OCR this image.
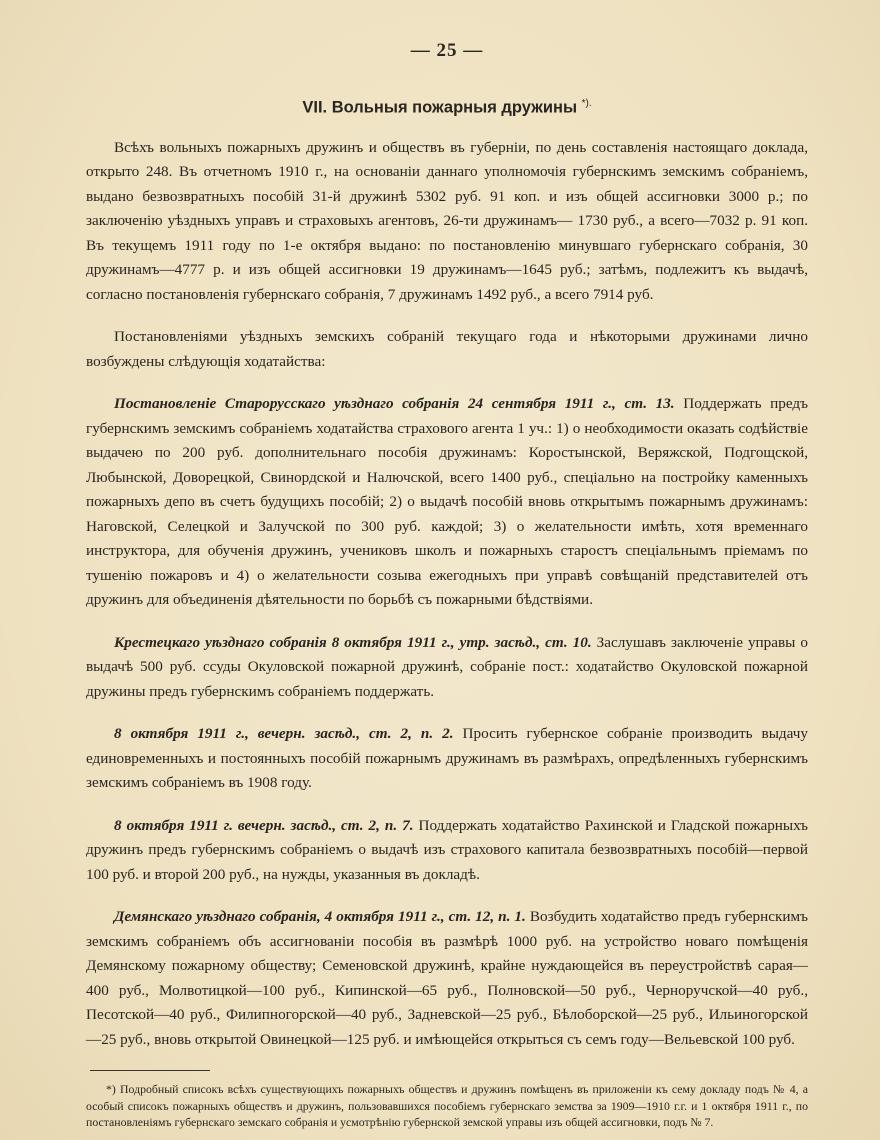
— 25 —
VII. Вольныя пожарныя дружины *).

Всѣхъ вольныхъ пожарныхъ дружинъ и обществъ въ губерніи, по день составленія настоящаго доклада, открыто 248. Въ отчетномъ 1910 г., на основаніи даннаго уполномочія губернскимъ земскимъ собраніемъ, выдано безвозвратныхъ пособій 31-й дружинѣ 5302 руб. 91 коп. и изъ общей ассигновки 3000 р.; по заключенію уѣздныхъ управъ и страховыхъ агентовъ, 26-ти дружинамъ— 1730 руб., а всего—7032 р. 91 коп. Въ текущемъ 1911 году по 1-е октября выдано: по постановленію минувшаго губернскаго собранія, 30 дружинамъ—4777 р. и изъ общей ассигновки 19 дружинамъ—1645 руб.; затѣмъ, подлежитъ къ выдачѣ, согласно постановленія губернскаго собранія, 7 дружинамъ 1492 руб., а всего 7914 руб.

Постановленіями уѣздныхъ земскихъ собраній текущаго года и нѣкоторыми дружинами лично возбуждены слѣдующія ходатайства:

Постановленіе Старорусскаго уѣзднаго собранія 24 сентября 1911 г., ст. 13. Поддержать предъ губернскимъ земскимъ собраніемъ ходатайства страхового агента 1 уч.: 1) о необходимости оказать содѣйствіе выдачею по 200 руб. дополнительнаго пособія дружинамъ: Коростынской, Веряжской, Подгощской, Любынской, Доворецкой, Свинордской и Налючской, всего 1400 руб., спеціально на постройку каменныхъ пожарныхъ депо въ счетъ будущихъ пособій; 2) о выдачѣ пособій вновь открытымъ пожарнымъ дружинамъ: Наговской, Селецкой и Залучской по 300 руб. каждой; 3) о желательности имѣть, хотя временнаго инструктора, для обученія дружинъ, учениковъ школъ и пожарныхъ старостъ спеціальнымъ пріемамъ по тушенію пожаровъ и 4) о желательности созыва ежегодныхъ при управѣ совѣщаній представителей отъ дружинъ для объединенія дѣятельности по борьбѣ съ пожарными бѣдствіями.

Крестецкаго уѣзднаго собранія 8 октября 1911 г., утр. засѣд., ст. 10. Заслушавъ заключеніе управы о выдачѣ 500 руб. ссуды Окуловской пожарной дружинѣ, собраніе пост.: ходатайство Окуловской пожарной дружины предъ губернскимъ собраніемъ поддержать.

8 октября 1911 г., вечерн. засѣд., ст. 2, п. 2. Просить губернское собраніе производить выдачу единовременныхъ и постоянныхъ пособій пожарнымъ дружинамъ въ размѣрахъ, опредѣленныхъ губернскимъ земскимъ собраніемъ въ 1908 году.

8 октября 1911 г. вечерн. засѣд., ст. 2, п. 7. Поддержать ходатайство Рахинской и Гладской пожарныхъ дружинъ предъ губернскимъ собраніемъ о выдачѣ изъ страхового капитала безвозвратныхъ пособій—первой 100 руб. и второй 200 руб., на нужды, указанныя въ докладѣ.

Демянскаго уѣзднаго собранія, 4 октября 1911 г., ст. 12, п. 1. Возбудить ходатайство предъ губернскимъ земскимъ собраніемъ объ ассигнованіи пособія въ размѣрѣ 1000 руб. на устройство новаго помѣщенія Демянскому пожарному обществу; Семеновской дружинѣ, крайне нуждающейся въ переустройствѣ сарая—400 руб., Молвотицкой—100 руб., Кипинской—65 руб., Полновской—50 руб., Черноручской—40 руб., Песотской—40 руб., Филипногорской—40 руб., Задневской—25 руб., Бѣлоборской—25 руб., Ильиногорской—25 руб., вновь открытой Овинецкой—125 руб. и имѣющейся открыться съ семъ году—Вельевской 100 руб.

*) Подробный списокъ всѣхъ существующихъ пожарныхъ обществъ и дружинъ помѣщенъ въ приложеніи къ сему докладу подъ № 4, а особый списокъ пожарныхъ обществъ и дружинъ, пользовавшихся пособіемъ губернскаго земства за 1909—1910 г.г. и 1 октября 1911 г., по постановленіямъ губернскаго земскаго собранія и усмотрѣнію губернской земской управы изъ общей ассигновки, подъ № 7.
